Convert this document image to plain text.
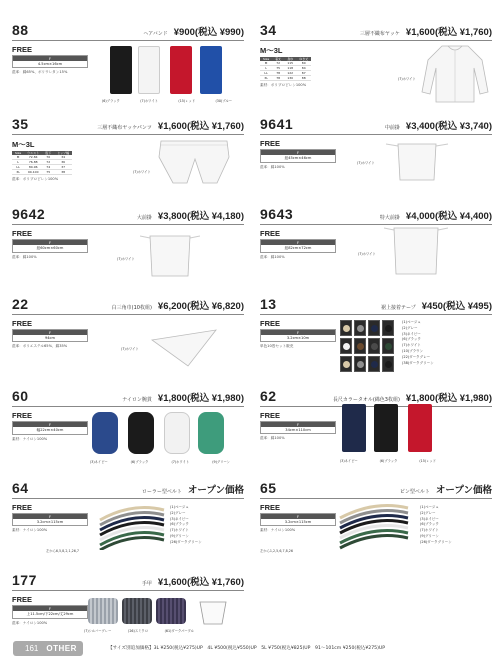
88	ヘアバンド ¥900(税込 ¥990)
FREE
F
4.5cm×16cm
混率：綿65%、ポリウレタン15%
(6)ブラック	(7)ホワイト	(15)レッド	(30)ブルー
34	三層不織布ヤッケ ¥1,600(税込 ¥1,760)
M～3L
Size	着丈	身巾	ゆき丈
M	72	115	80
L	75	118	84
LL	78	122	87
3L	78	130	88
素材：ポリプロピレン100%
(7)ホワイト
35	三層不織布ヤッケパンツ ¥1,600(税込 ¥1,760)
M～3L
Size	ウエスト	股下	ヒップ幅
M	72-84	70	34
L	76-88	72	36
LL	80-96	74	37
3L	90-100	75	38
混率：ポリプロピレン100%
(7)ホワイト
9641	中前掛 ¥3,400(税込 ¥3,740)
FREE
F
紐45cm×46cm
混率：綿100%
(7)ホワイト
9642	大前掛 ¥3,800(税込 ¥4,180)
FREE
F
紐60cm×60cm
混率：綿100%	(7)ホワイト
9643	特大前掛 ¥4,000(税込 ¥4,400)
FREE
F
紐82cm×72cm
混率：綿100%
(7)ホワイト
22	白三角巾(10枚組) ¥6,200(税込 ¥6,820)
FREE
F
94cm
混率：ポリエステル65%、綿35%
(7)ホワイト
13	裾上接着テープ ¥450(税込 ¥495)
FREE
F
3.2cm×10m
単色10巻セット販売
(1)ベージュ
(2)グレー
(3)ネイビー
(6)ブラック
(7)ホワイト
(10)ブラウン
(22)ダークグレー
(38)ダークグリーン
60	ナイロン腕貫 ¥1,800(税込 ¥1,980)
FREE
F
幅22cm×40cm
素材：ナイロン100%
(3)ネイビー	(6)ブラック	(7)ホワイト	(9)グリーン
62	長尺カラータオル(綿色3枚組) ¥1,800(税込 ¥1,980)
FREE
F
34cm×110cm
混率：綿100%
(3)ネイビー	(6)ブラック	(15)レッド
64	ローラー型ベルト オープン価格
FREE
F
3.2cm×115cm
素材：ナイロン100%
左から6,5,8,2,1,26,7
(1)ベージュ
(2)グレー
(3)ネイビー
(6)ブラック
(7)ホワイト
(9)グリーン
(26)ダークグリーン
65	ピン型ベルト オープン価格
FREE
F
3.2cm×115cm
素材：ナイロン100%
左から1,2,5,6,7,8,26
(1)ベージュ
(2)グレー
(3)ネイビー
(6)ブラック
(7)ホワイト
(9)グリーン
(26)ダークグリーン
177	手甲 ¥1,600(税込 ¥1,760)
FREE
F
上11.5cm/下22cm/丈29cm
混率：ナイロン100%
(7)シルバーグレー	(26)スミクロ	(61)ダークパープル
161 OTHER	【サイズ別追加価格】3L ¥250(税込¥275)UP　4L ¥500(税込¥550)UP　5L ¥750(税込¥825)UP　91～101cm ¥250(税込¥275)UP
